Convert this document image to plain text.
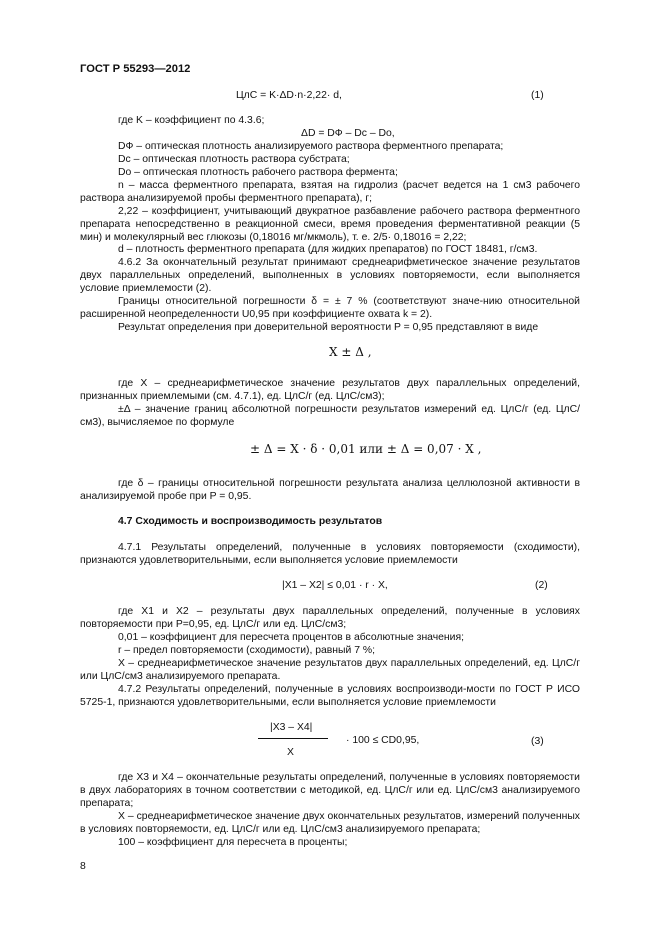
ГОСТ Р 55293—2012
ЦлС = K·ΔD·n·2,22· d,	(1)
где K – коэффициент по 4.3.6;
ΔD = DФ – Dс – Dо,
DФ – оптическая плотность анализируемого раствора ферментного препарата;
Dс – оптическая плотность раствора субстрата;
Dо – оптическая плотность рабочего раствора фермента;
n – масса ферментного препарата, взятая на гидролиз (расчет ведется на 1 см3 рабочего раствора анализируемой пробы ферментного препарата), г;
2,22 – коэффициент, учитывающий двукратное разбавление рабочего раствора ферментного препарата непосредственно в реакционной смеси, время проведения ферментативной реакции (5 мин) и молекулярный вес глюкозы (0,18016 мг/мкмоль), т. е. 2/5· 0,18016 = 2,22;
d – плотность ферментного препарата (для жидких препаратов) по ГОСТ 18481, г/см3.
4.6.2 За окончательный результат принимают среднеарифметическое значение результатов двух параллельных определений, выполненных в условиях повторяемости, если выполняется условие приемлемости (2).
Границы относительной погрешности δ = ± 7 % (соответствуют значе-нию относительной расширенной неопределенности U0,95 при коэффициенте охвата k = 2).
Результат определения при доверительной вероятности P = 0,95 представляют в виде
X ± Δ ,
где X – среднеарифметическое значение результатов двух параллельных определений, признанных приемлемыми (см. 4.7.1), ед. ЦлС/г (ед. ЦлС/см3);
±Δ – значение границ абсолютной погрешности результатов измерений ед. ЦлС/г (ед. ЦлС/см3), вычисляемое по формуле
± Δ = X · δ · 0,01 или ± Δ = 0,07 · X ,
где δ – границы относительной погрешности результата анализа целлюлозной активности в анализируемой пробе при P = 0,95.
4.7 Сходимость и воспроизводимость результатов
4.7.1 Результаты определений, полученные в условиях повторяемости (сходимости), признаются удовлетворительными, если выполняется условие приемлемости
|X1 – X2| ≤ 0,01 · r · X,	(2)
где X1 и X2 – результаты двух параллельных определений, полученные в условиях повторяемости при P=0,95, ед. ЦлС/г или ед. ЦлС/см3;
0,01 – коэффициент для пересчета процентов в абсолютные значения;
r – предел повторяемости (сходимости), равный 7 %;
X – среднеарифметическое значение результатов двух параллельных определений, ед. ЦлС/г или ЦлС/см3 анализируемого препарата.
4.7.2 Результаты определений, полученные в условиях воспроизводи-мости по ГОСТ Р ИСО 5725-1, признаются удовлетворительными, если выполняется условие приемлемости
|X3 – X4|
X
· 100 ≤ CD0,95,	(3)
где X3 и X4 – окончательные результаты определений, полученные в условиях повторяемости в двух лабораториях в точном соответствии с методикой, ед. ЦлС/г или ед. ЦлС/см3 анализируемого препарата;
X – среднеарифметическое значение двух окончательных результатов, измерений полученных в условиях повторяемости, ед. ЦлС/г или ед. ЦлС/см3 анализируемого препарата;
100 – коэффициент для пересчета в проценты;
8
